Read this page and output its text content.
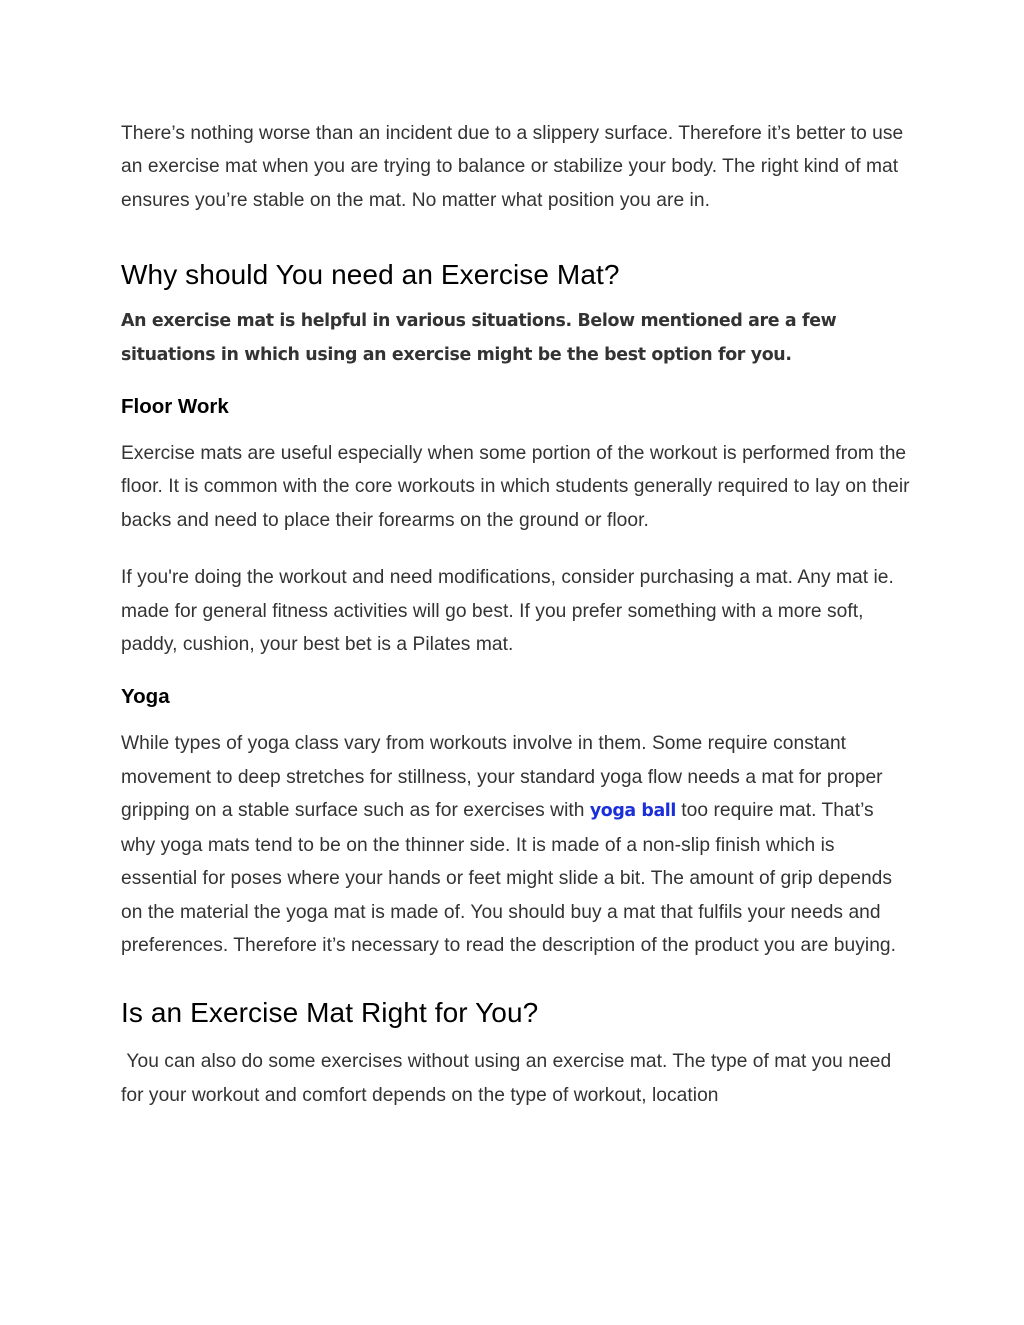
There’s nothing worse than an incident due to a slippery surface. Therefore it’s better to use an exercise mat when you are trying to balance or stabilize your body. The right kind of mat ensures you’re stable on the mat. No matter what position you are in.

Why should You need an Exercise Mat?

An exercise mat is helpful in various situations. Below mentioned are a few situations in which using an exercise might be the best option for you.

Floor Work

Exercise mats are useful especially when some portion of the workout is performed from the floor. It is common with the core workouts in which students generally required to lay on their backs and need to place their forearms on the ground or floor.

If you're doing the workout and need modifications, consider purchasing a mat. Any mat ie. made for general fitness activities will go best. If you prefer something with a more soft, paddy, cushion, your best bet is a Pilates mat.

Yoga

While types of yoga class vary from workouts involve in them. Some require constant movement to deep stretches for stillness, your standard yoga flow needs a mat for proper gripping on a stable surface such as for exercises with yoga ball too require mat. That’s why yoga mats tend to be on the thinner side. It is made of a non-slip finish which is essential for poses where your hands or feet might slide a bit. The amount of grip depends on the material the yoga mat is made of. You should buy a mat that fulfils your needs and preferences. Therefore it’s necessary to read the description of the product you are buying.

Is an Exercise Mat Right for You?

You can also do some exercises without using an exercise mat. The type of mat you need for your workout and comfort depends on the type of workout, location
